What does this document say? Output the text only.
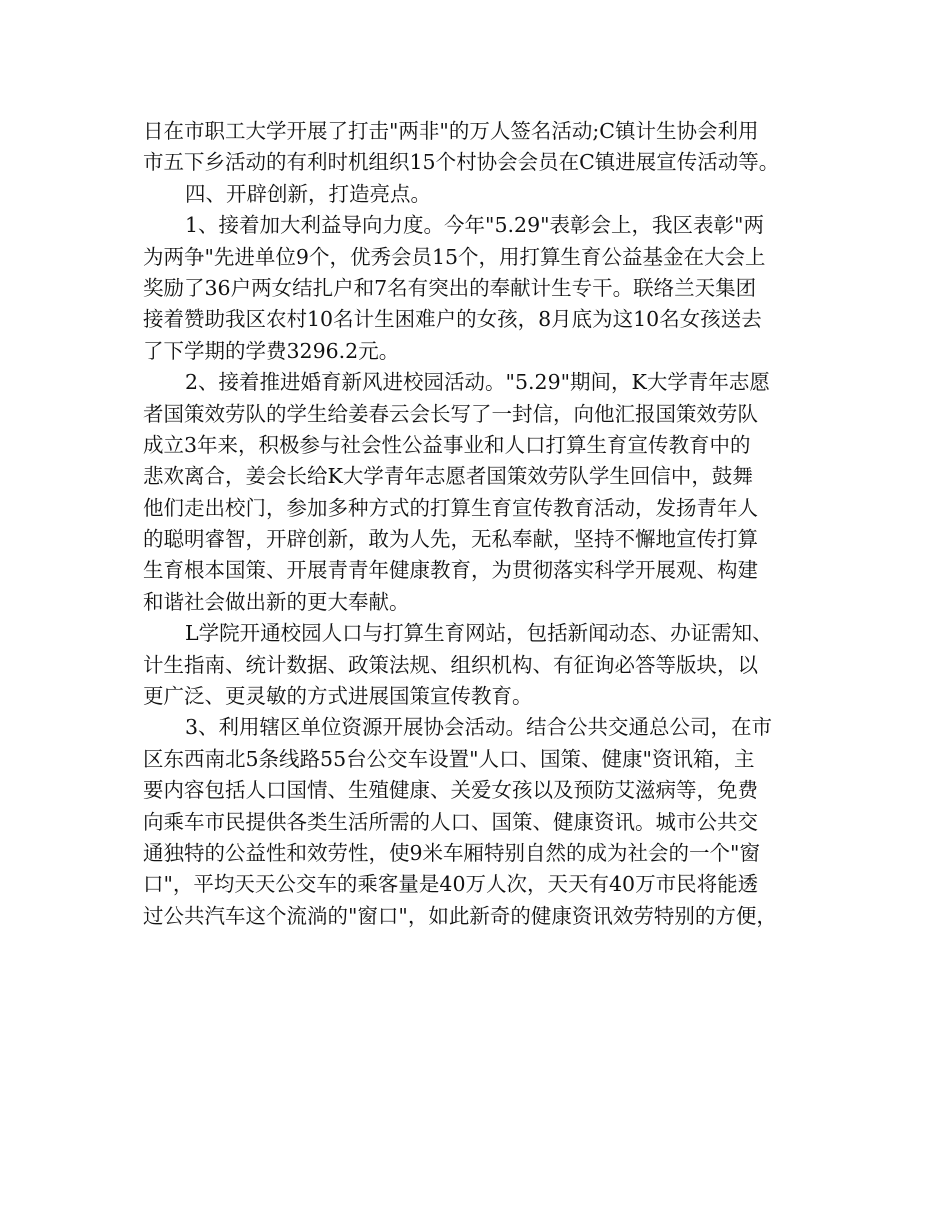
日在市职工大学开展了打击"两非"的万人签名活动;C镇计生协会利用
市五下乡活动的有利时机组织15个村协会会员在C镇进展宣传活动等。
四、开辟创新，打造亮点。
1、接着加大利益导向力度。今年"5.29"表彰会上，我区表彰"两
为两争"先进单位9个，优秀会员15个，用打算生育公益基金在大会上
奖励了36户两女结扎户和7名有突出的奉献计生专干。联络兰天集团
接着赞助我区农村10名计生困难户的女孩，8月底为这10名女孩送去
了下学期的学费3296.2元。
2、接着推进婚育新风进校园活动。"5.29"期间，K大学青年志愿
者国策效劳队的学生给姜春云会长写了一封信，向他汇报国策效劳队
成立3年来，积极参与社会性公益事业和人口打算生育宣传教育中的
悲欢离合，姜会长给K大学青年志愿者国策效劳队学生回信中，鼓舞
他们走出校门，参加多种方式的打算生育宣传教育活动，发扬青年人
的聪明睿智，开辟创新，敢为人先，无私奉献，坚持不懈地宣传打算
生育根本国策、开展青青年健康教育，为贯彻落实科学开展观、构建
和谐社会做出新的更大奉献。
L学院开通校园人口与打算生育网站，包括新闻动态、办证需知、
计生指南、统计数据、政策法规、组织机构、有征询必答等版块，以
更广泛、更灵敏的方式进展国策宣传教育。
3、利用辖区单位资源开展协会活动。结合公共交通总公司，在市
区东西南北5条线路55台公交车设置"人口、国策、健康"资讯箱，主
要内容包括人口国情、生殖健康、关爱女孩以及预防艾滋病等，免费
向乘车市民提供各类生活所需的人口、国策、健康资讯。城市公共交
通独特的公益性和效劳性，使9米车厢特别自然的成为社会的一个"窗
口"，平均天天公交车的乘客量是40万人次，天天有40万市民将能透
过公共汽车这个流淌的"窗口"，如此新奇的健康资讯效劳特别的方便，
